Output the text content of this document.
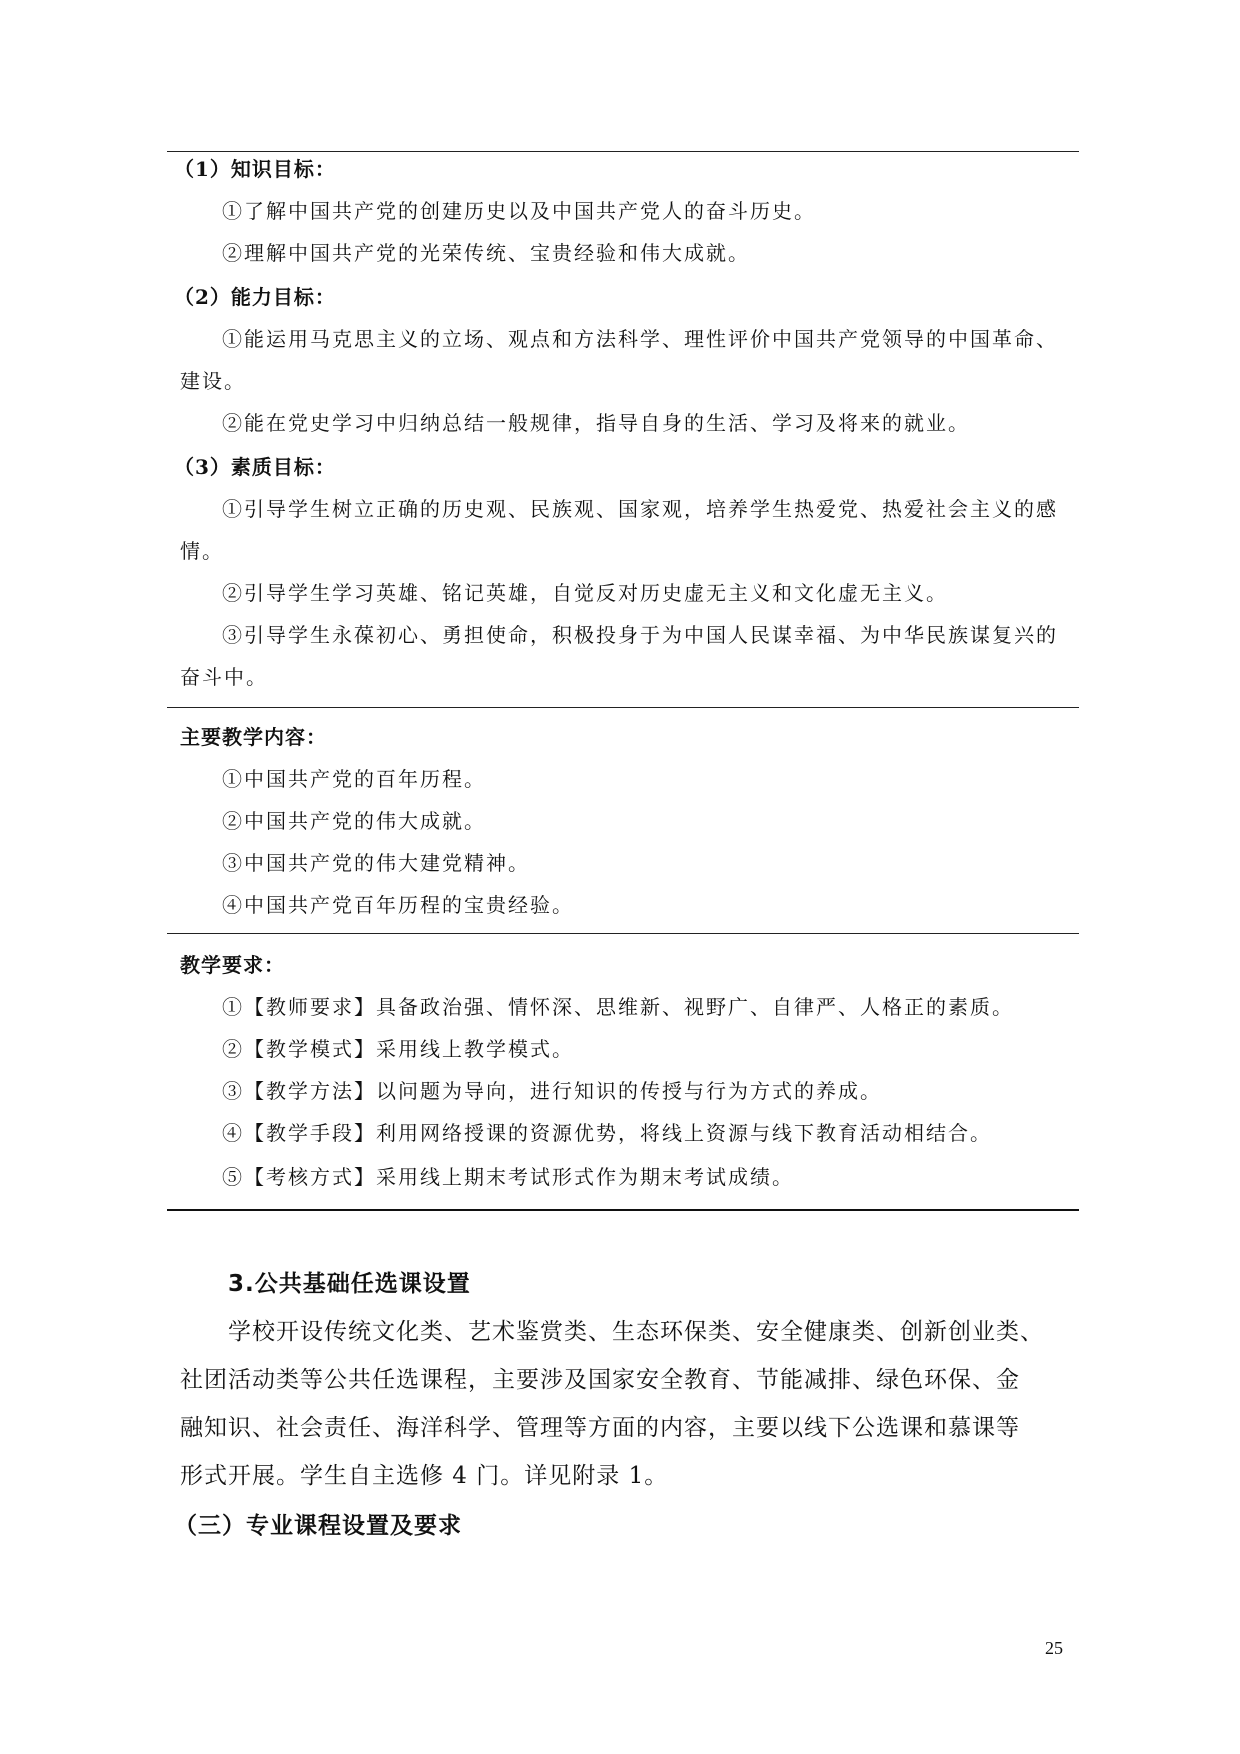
（1）知识目标：
①了解中国共产党的创建历史以及中国共产党人的奋斗历史。
②理解中国共产党的光荣传统、宝贵经验和伟大成就。
（2）能力目标：
①能运用马克思主义的立场、观点和方法科学、理性评价中国共产党领导的中国革命、
建设。
②能在党史学习中归纳总结一般规律，指导自身的生活、学习及将来的就业。
（3）素质目标：
①引导学生树立正确的历史观、民族观、国家观，培养学生热爱党、热爱社会主义的感
情。
②引导学生学习英雄、铭记英雄，自觉反对历史虚无主义和文化虚无主义。
③引导学生永葆初心、勇担使命，积极投身于为中国人民谋幸福、为中华民族谋复兴的
奋斗中。
主要教学内容：
①中国共产党的百年历程。
②中国共产党的伟大成就。
③中国共产党的伟大建党精神。
④中国共产党百年历程的宝贵经验。
教学要求：
①【教师要求】具备政治强、情怀深、思维新、视野广、自律严、人格正的素质。
②【教学模式】采用线上教学模式。
③【教学方法】以问题为导向，进行知识的传授与行为方式的养成。
④【教学手段】利用网络授课的资源优势，将线上资源与线下教育活动相结合。
⑤【考核方式】采用线上期末考试形式作为期末考试成绩。
3.公共基础任选课设置
学校开设传统文化类、艺术鉴赏类、生态环保类、安全健康类、创新创业类、
社团活动类等公共任选课程，主要涉及国家安全教育、节能减排、绿色环保、金
融知识、社会责任、海洋科学、管理等方面的内容，主要以线下公选课和慕课等
形式开展。学生自主选修 4 门。详见附录 1。
（三）专业课程设置及要求
25
